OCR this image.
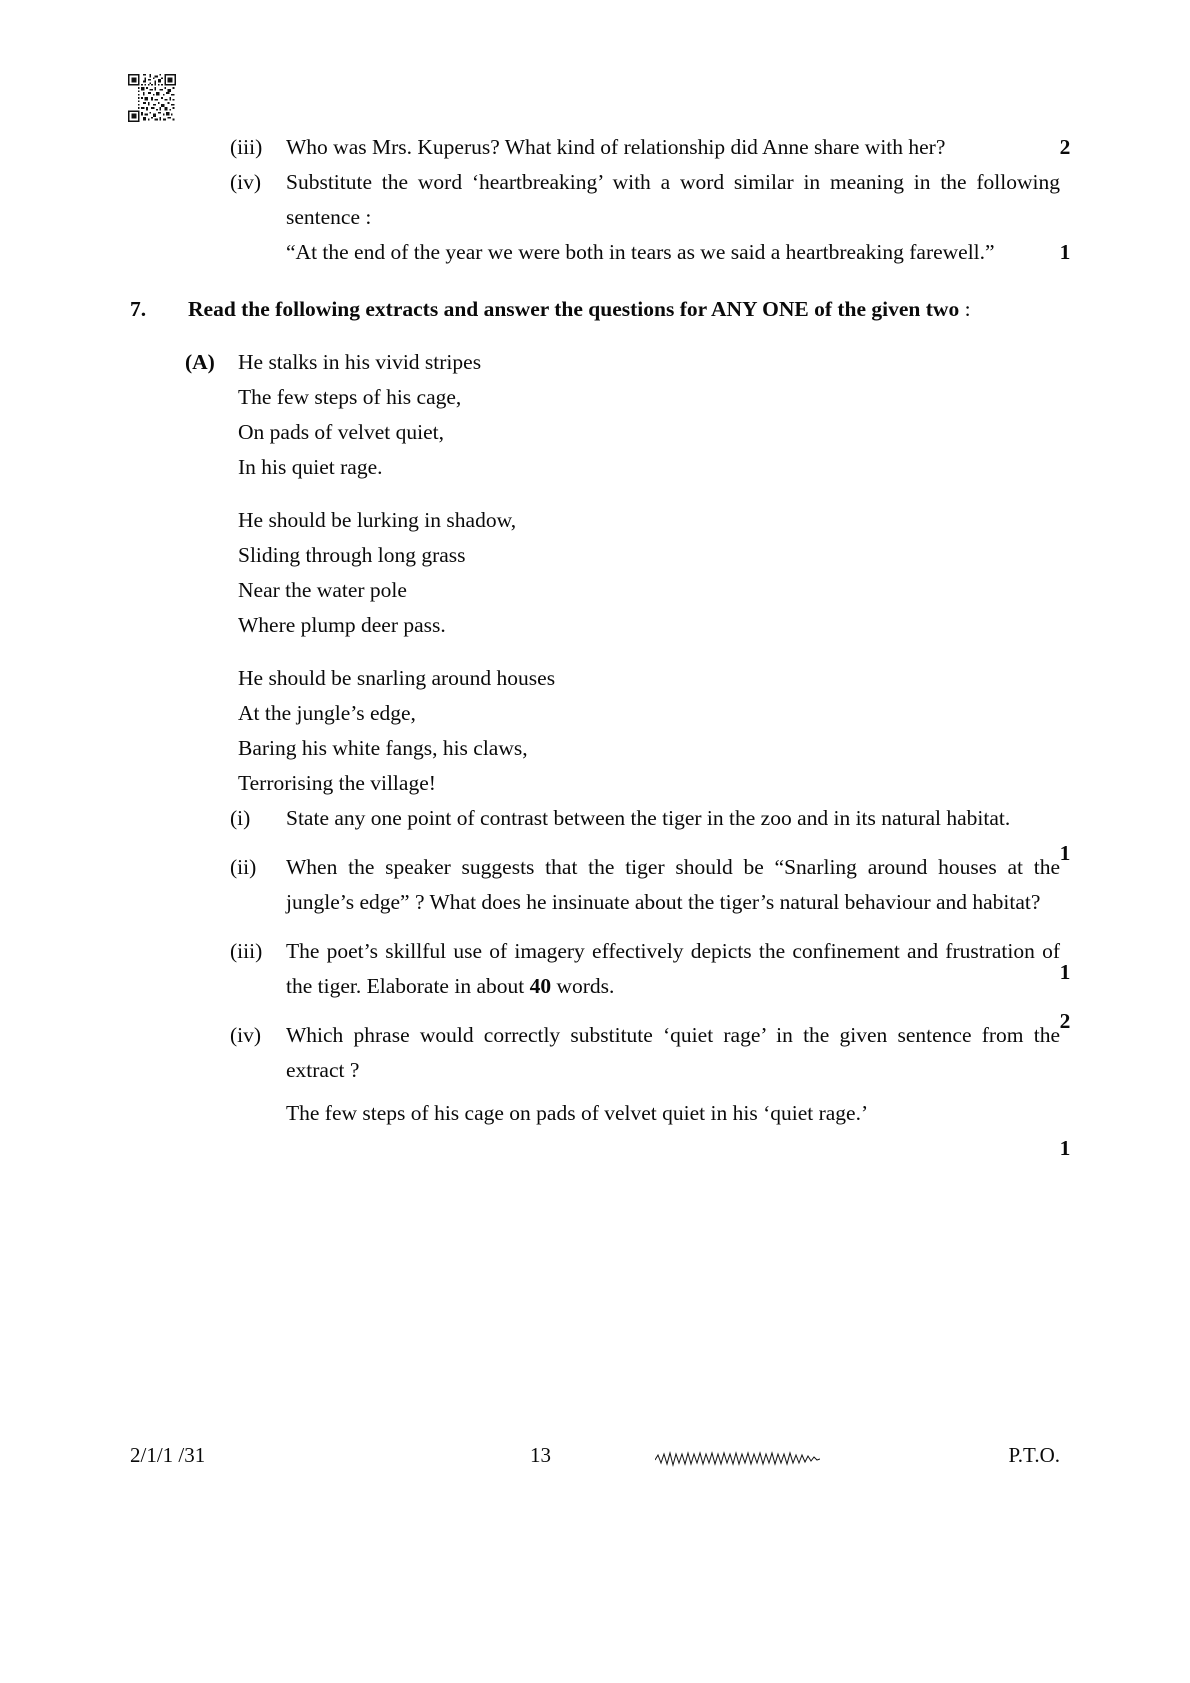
(iii)	Who was Mrs. Kuperus? What kind of relationship did Anne share with her?	2
(iv)	Substitute the word ‘heartbreaking’ with a word similar in meaning in the following sentence :
“At the end of the year we were both in tears as we said a heartbreaking farewell.”	1
7.	Read the following extracts and answer the questions for ANY ONE of the given two :
(A)	He stalks in his vivid stripes
The few steps of his cage,
On pads of velvet quiet,
In his quiet rage.
He should be lurking in shadow,
Sliding through long grass
Near the water pole
Where plump deer pass.
He should be snarling around houses
At the jungle’s edge,
Baring his white fangs, his claws,
Terrorising the village!
(i)	State any one point of contrast between the tiger in the zoo and in its natural habitat.
1
(ii)	When the speaker suggests that the tiger should be “Snarling around houses at the jungle’s edge” ? What does he insinuate about the tiger’s natural behaviour and habitat?
1
(iii)	The poet’s skillful use of imagery effectively depicts the confinement and frustration of the tiger. Elaborate in about 40 words.
2
(iv)	Which phrase would correctly substitute ‘quiet rage’ in the given sentence from the extract ?
The few steps of his cage on pads of velvet quiet in his ‘quiet rage.’
1
2/1/1 /31	13	P.T.O.
